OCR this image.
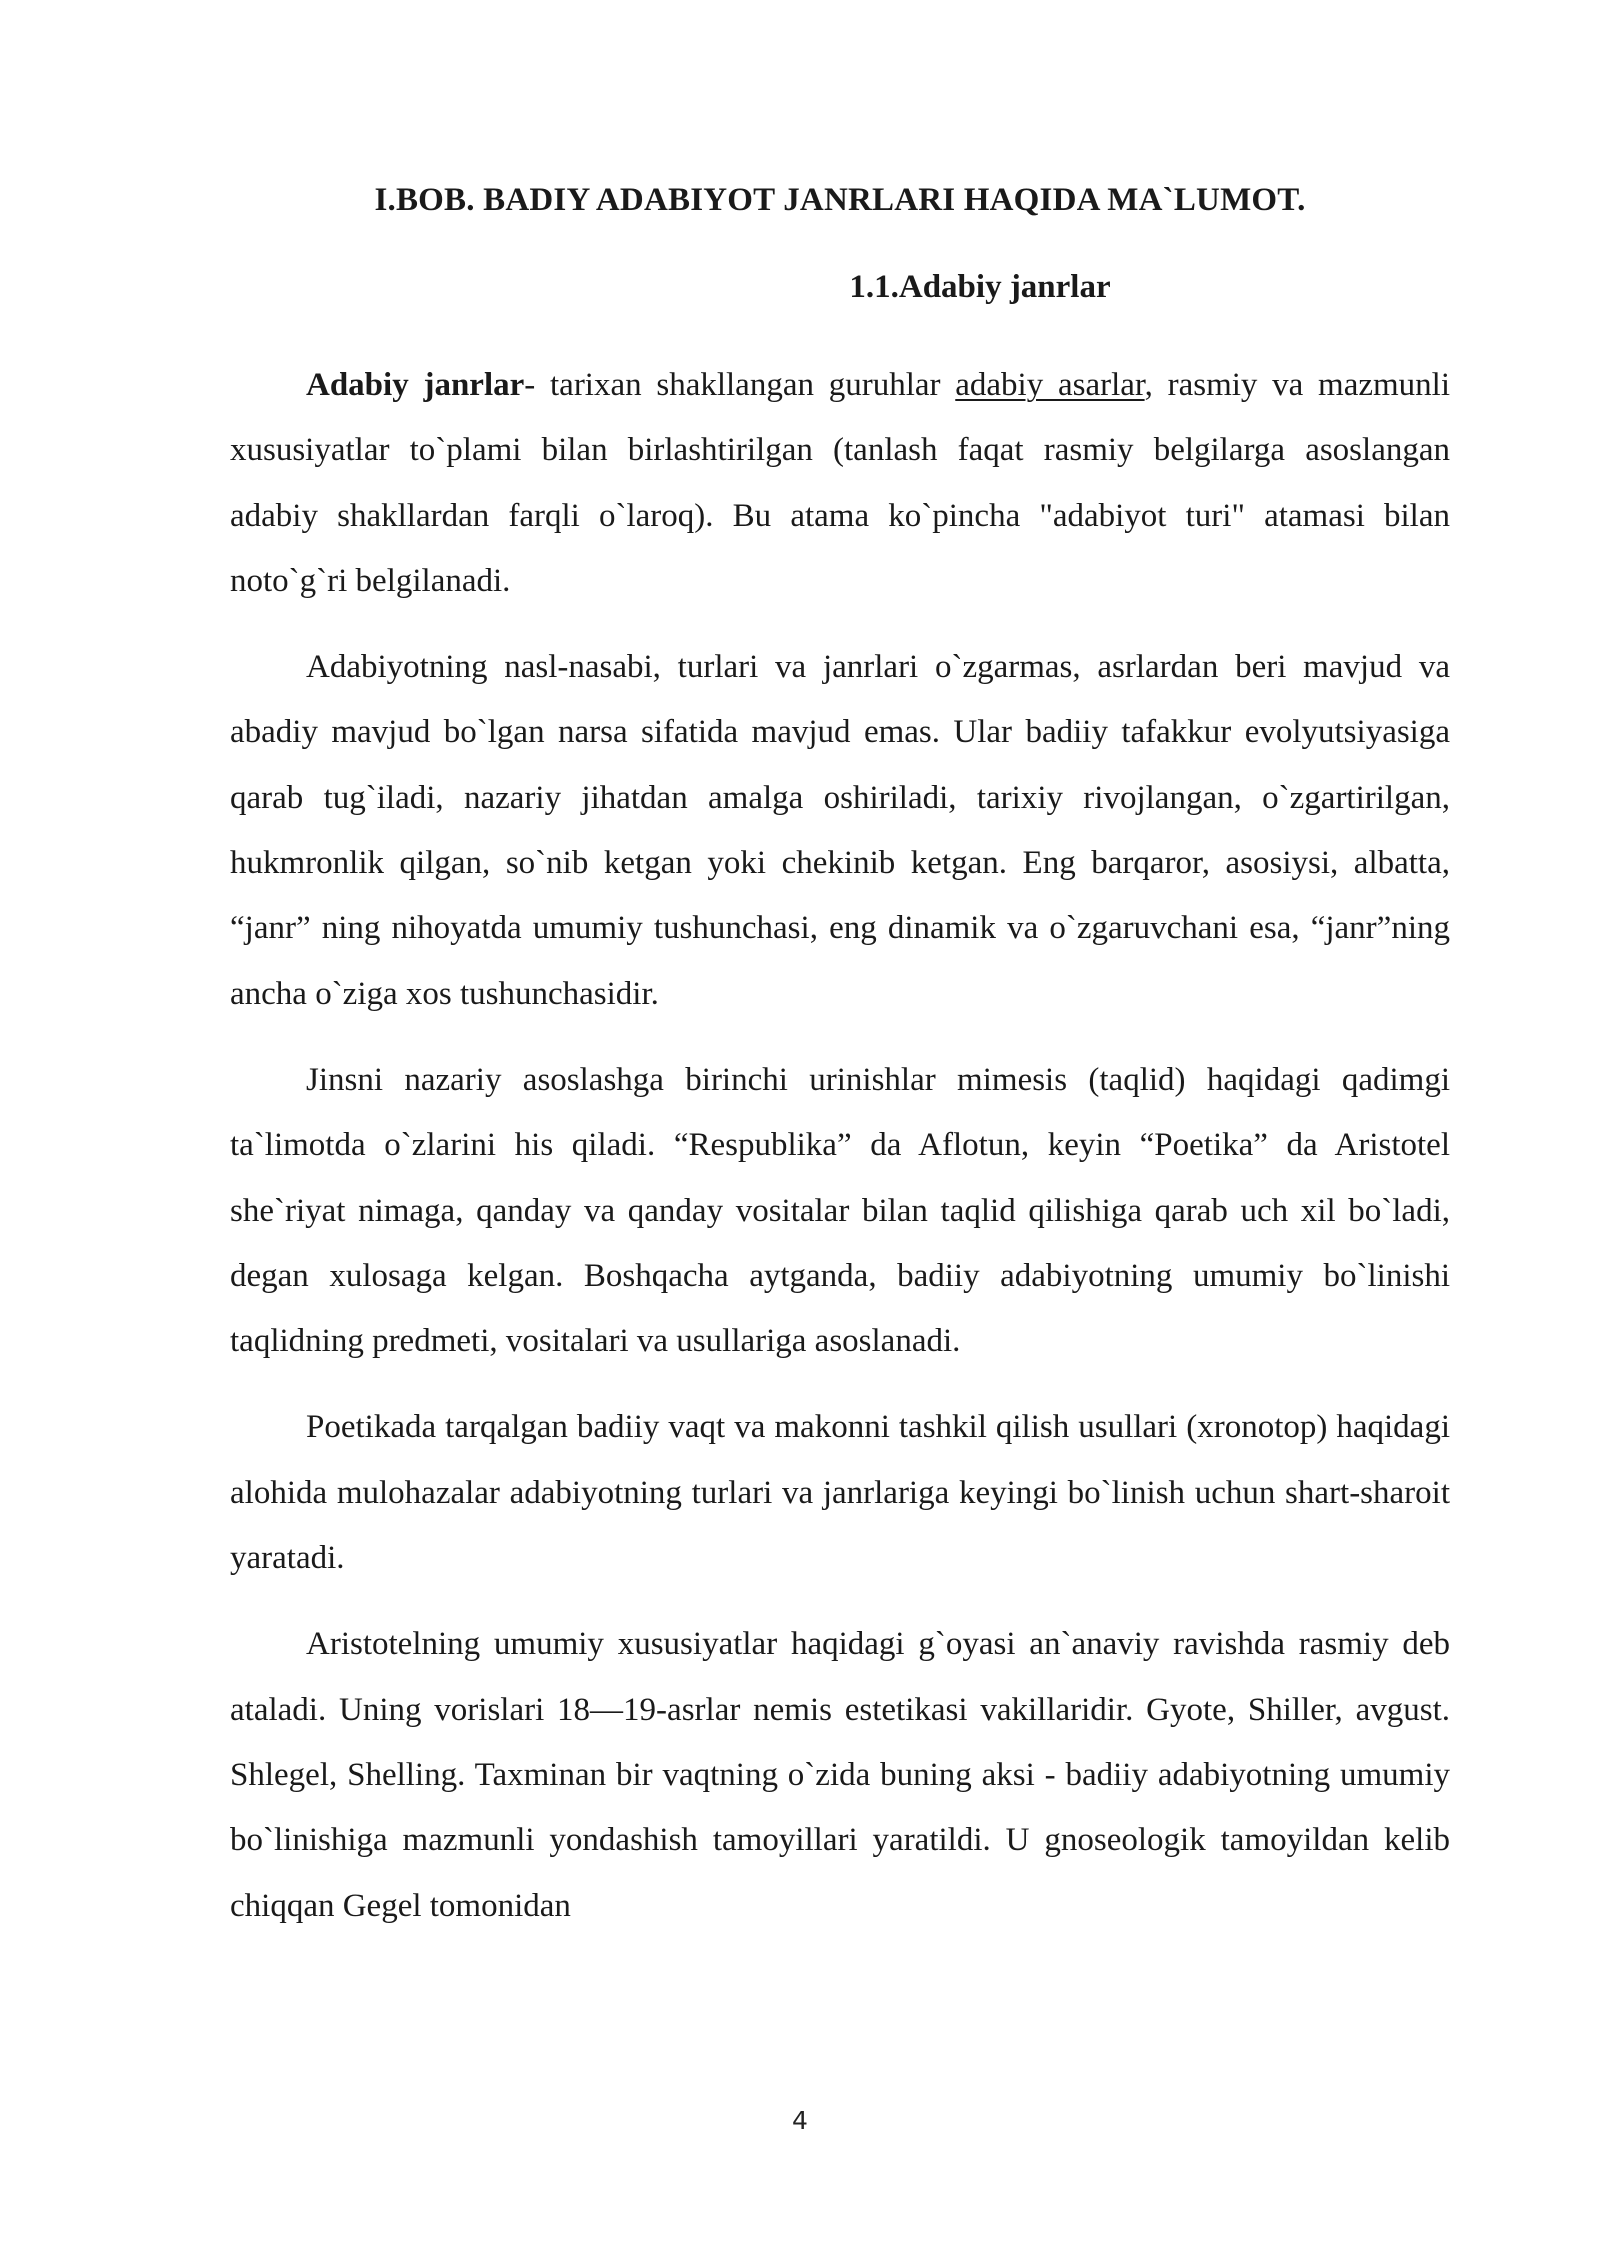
I.BOB. BADIY ADABIYOT JANRLARI HAQIDA MA`LUMOT.
1.1.Adabiy janrlar

Adabiy janrlar- tarixan shakllangan guruhlar adabiy asarlar, rasmiy va mazmunli xususiyatlar to`plami bilan birlashtirilgan (tanlash faqat rasmiy belgilarga asoslangan adabiy shakllardan farqli o`laroq). Bu atama ko`pincha "adabiyot turi" atamasi bilan noto`g`ri belgilanadi.

Adabiyotning nasl-nasabi, turlari va janrlari o`zgarmas, asrlardan beri mavjud va abadiy mavjud bo`lgan narsa sifatida mavjud emas. Ular badiiy tafakkur evolyutsiyasiga qarab tug`iladi, nazariy jihatdan amalga oshiriladi, tarixiy rivojlangan, o`zgartirilgan, hukmronlik qilgan, so`nib ketgan yoki chekinib ketgan. Eng barqaror, asosiysi, albatta, “janr” ning nihoyatda umumiy tushunchasi, eng dinamik va o`zgaruvchani esa, “janr”ning ancha o`ziga xos tushunchasidir.

Jinsni nazariy asoslashga birinchi urinishlar mimesis (taqlid) haqidagi qadimgi ta`limotda o`zlarini his qiladi. “Respublika” da Aflotun, keyin “Poetika” da Aristotel she`riyat nimaga, qanday va qanday vositalar bilan taqlid qilishiga qarab uch xil bo`ladi, degan xulosaga kelgan. Boshqacha aytganda, badiiy adabiyotning umumiy bo`linishi taqlidning predmeti, vositalari va usullariga asoslanadi.

Poetikada tarqalgan badiiy vaqt va makonni tashkil qilish usullari (xronotop) haqidagi alohida mulohazalar adabiyotning turlari va janrlariga keyingi bo`linish uchun shart-sharoit yaratadi.

Aristotelning umumiy xususiyatlar haqidagi g`oyasi an`anaviy ravishda rasmiy deb ataladi. Uning vorislari 18—19-asrlar nemis estetikasi vakillaridir. Gyote, Shiller, avgust. Shlegel, Shelling. Taxminan bir vaqtning o`zida buning aksi - badiiy adabiyotning umumiy bo`linishiga mazmunli yondashish tamoyillari yaratildi. U gnoseologik tamoyildan kelib chiqqan Gegel tomonidan

4
